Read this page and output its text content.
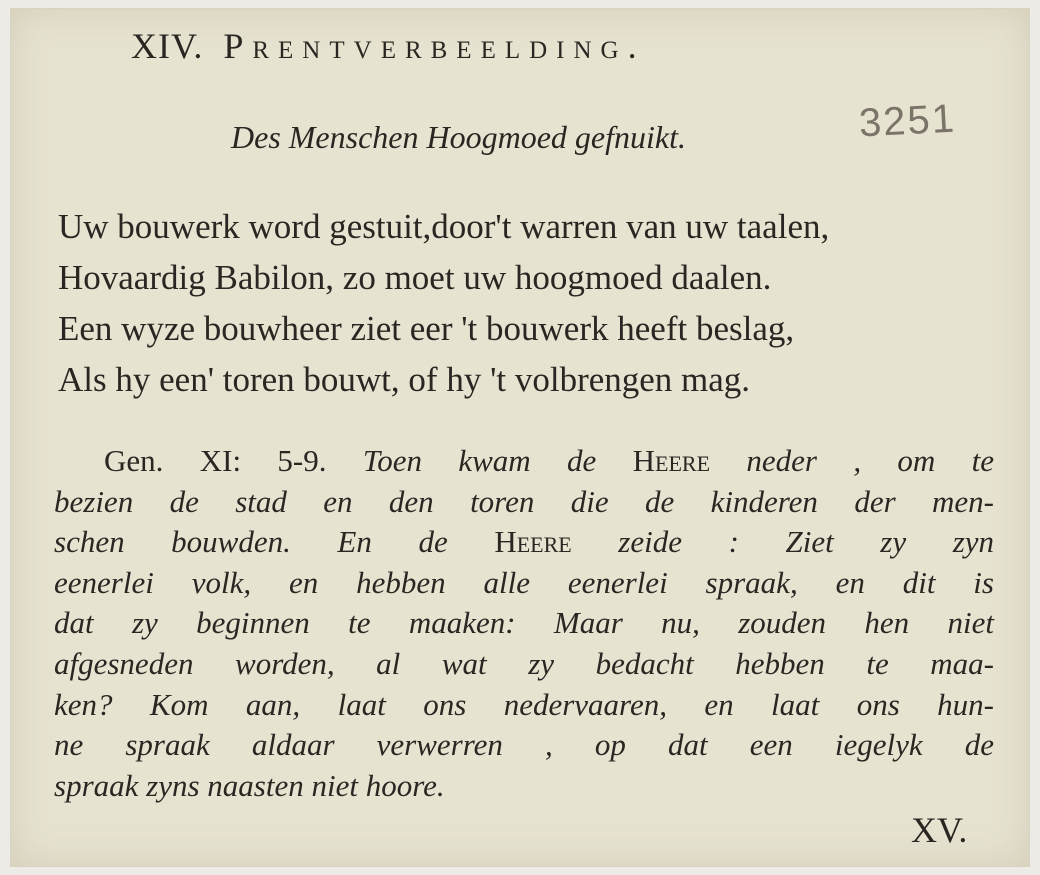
XIV. Prentverbeelding.
3251
Des Menschen Hoogmoed gefnuikt.
Uw bouwerk word gestuit,door't warren van uw taalen,
Hovaardig Babilon, zo moet uw hoogmoed daalen.
Een wyze bouwheer ziet eer 't bouwerk heeft beslag,
Als hy een' toren bouwt, of hy 't volbrengen mag.
Gen. XI: 5-9. Toen kwam de Heere neder , om te
bezien de stad en den toren die de kinderen der men-
schen bouwden. En de Heere zeide : Ziet zy zyn
eenerlei volk, en hebben alle eenerlei spraak, en dit is
dat zy beginnen te maaken: Maar nu, zouden hen niet
afgesneden worden, al wat zy bedacht hebben te maa-
ken? Kom aan, laat ons nedervaaren, en laat ons hun-
ne spraak aldaar verwerren , op dat een iegelyk de
spraak zyns naasten niet hoore.
XV.
